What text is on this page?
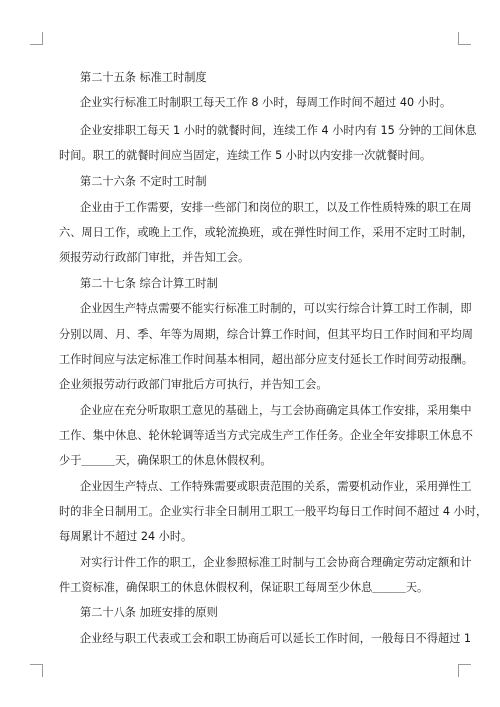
第二十五条 标准工时制度
企业实行标准工时制职工每天工作 8 小时，每周工作时间不超过 40 小时。
企业安排职工每天 1 小时的就餐时间，连续工作 4 小时内有 15 分钟的工间休息
时间。职工的就餐时间应当固定，连续工作 5 小时以内安排一次就餐时间。
第二十六条 不定时工时制
企业由于工作需要，安排一些部门和岗位的职工，以及工作性质特殊的职工在周
六、周日工作，或晚上工作，或轮流换班，或在弹性时间工作，采用不定时工时制，
须报劳动行政部门审批，并告知工会。
第二十七条 综合计算工时制
企业因生产特点需要不能实行标准工时制的，可以实行综合计算工时工作制，即
分别以周、月、季、年等为周期，综合计算工作时间，但其平均日工作时间和平均周
工作时间应与法定标准工作时间基本相同，超出部分应支付延长工作时间劳动报酬。
企业须报劳动行政部门审批后方可执行，并告知工会。
企业应在充分听取职工意见的基础上，与工会协商确定具体工作安排，采用集中
工作、集中休息、轮休轮调等适当方式完成生产工作任务。企业全年安排职工休息不
少于＿＿＿天，确保职工的休息休假权利。
企业因生产特点、工作特殊需要或职责范围的关系，需要机动作业，采用弹性工
时的非全日制用工。企业实行非全日制用工职工一般平均每日工作时间不超过 4 小时，
每周累计不超过 24 小时。
对实行计件工作的职工，企业参照标准工时制与工会协商合理确定劳动定额和计
件工资标准，确保职工的休息休假权利，保证职工每周至少休息＿＿＿天。
第二十八条 加班安排的原则
企业经与职工代表或工会和职工协商后可以延长工作时间，一般每日不得超过 1
